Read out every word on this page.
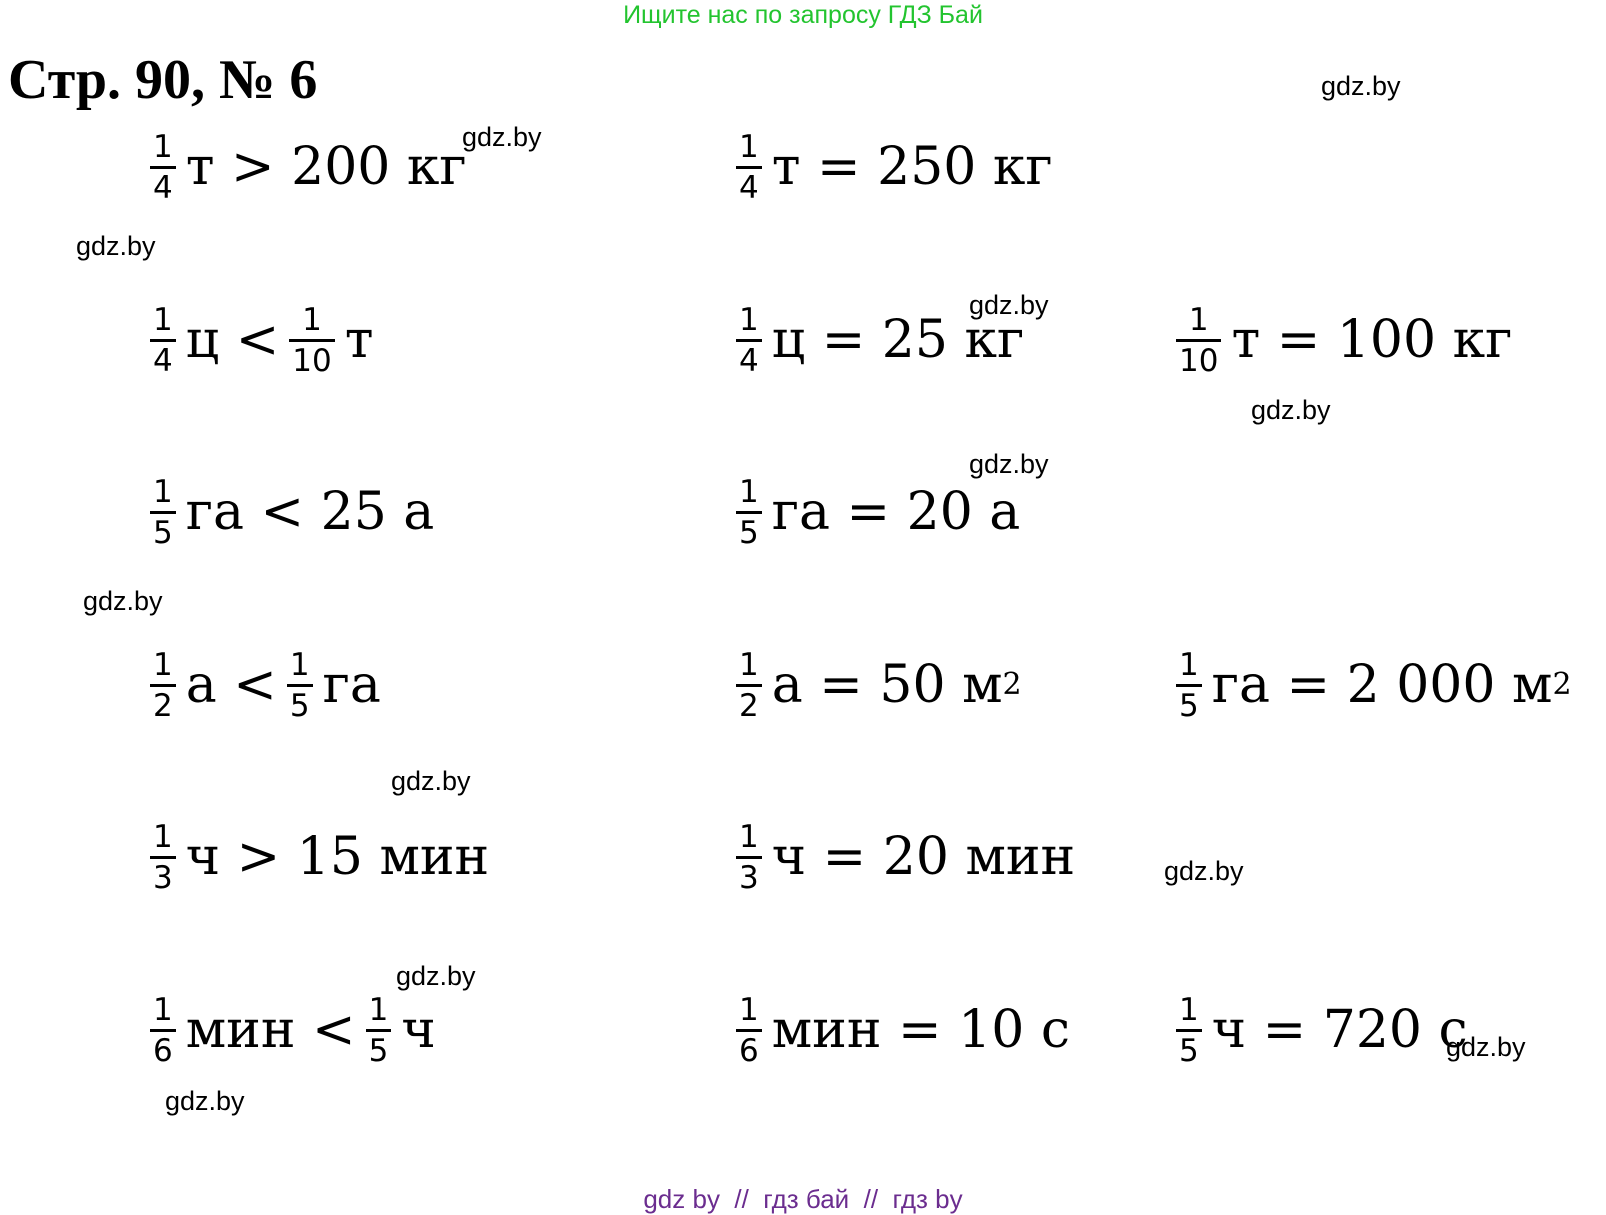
Ищите нас по запросу ГДЗ Бай
Стр. 90, № 6	gdz.by
gdz.by
gdz.by
gdz.by
gdz.by
gdz.by
gdz.by
gdz.by
gdz.by
gdz.by
gdz.by
gdz.by
$\frac{1}{4}$ т > 200 кг	$\frac{1}{4}$ т = 250 кг
$\frac{1}{4}$ $ц < \frac{1}{10}$ т	$\frac{1}{4}$ ц = 25 кг	$\frac{1}{10}$ т = 100 кг
$\frac{1}{5}$ га < 25 а	$\frac{1}{5}$ га = 20 а
$\frac{1}{2}$ $а < \frac{1}{5}$ га	$\frac{1}{2}$ а = 50 м 2	$\frac{1}{5}$ га = 2 000 м 2
$\frac{1}{3}$ ч > 15 мин	$\frac{1}{3}$ ч = 20 мин
$\frac{1}{6}$ мин < $\frac{1}{5}$ ч	$\frac{1}{6}$ мин = 10 с	$\frac{1}{5}$ ч = 720 с
gdz by  //  гдз бай  //  гдз by
